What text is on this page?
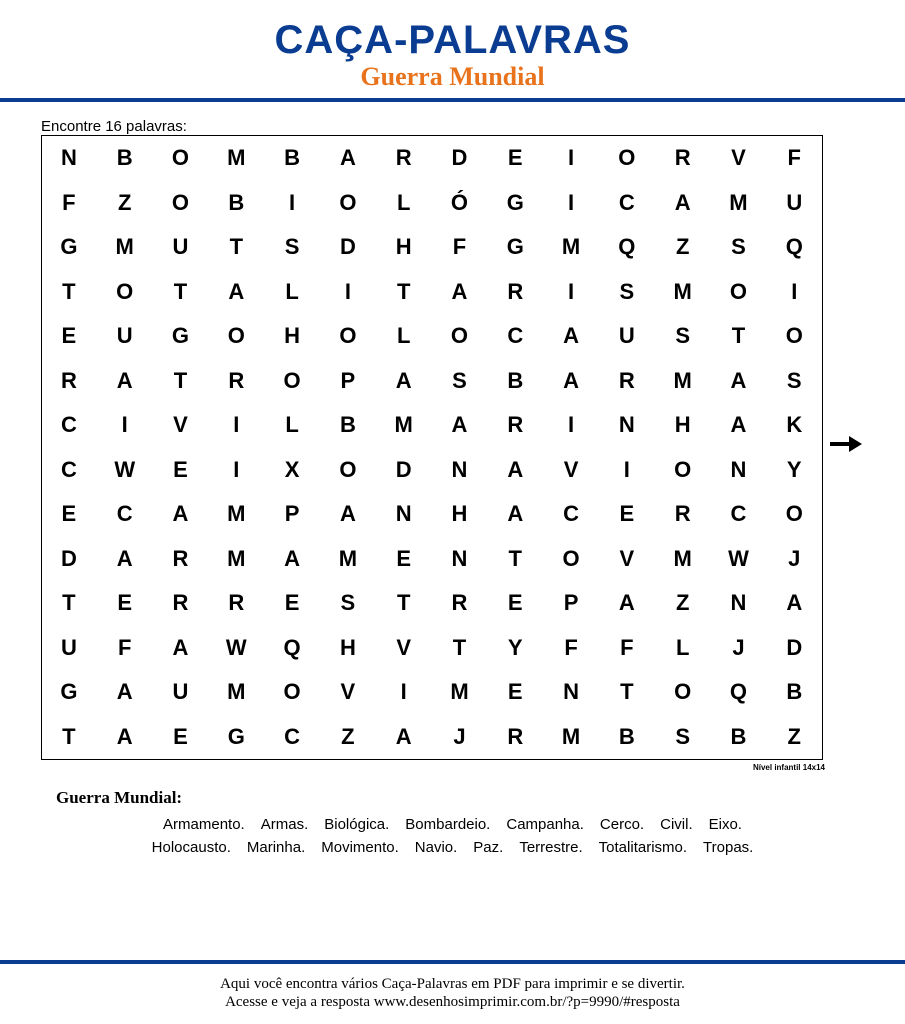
CAÇA-PALAVRAS
Guerra Mundial
Encontre 16 palavras:
N	B	O	M	B	A	R	D	E	I	O	R	V	F
F	Z	O	B	I	O	L	Ó	G	I	C	A	M	U
G	M	U	T	S	D	H	F	G	M	Q	Z	S	Q
T	O	T	A	L	I	T	A	R	I	S	M	O	I
E	U	G	O	H	O	L	O	C	A	U	S	T	O
R	A	T	R	O	P	A	S	B	A	R	M	A	S
C	I	V	I	L	B	M	A	R	I	N	H	A	K
C	W	E	I	X	O	D	N	A	V	I	O	N	Y
E	C	A	M	P	A	N	H	A	C	E	R	C	O
D	A	R	M	A	M	E	N	T	O	V	M	W	J
T	E	R	R	E	S	T	R	E	P	A	Z	N	A
U	F	A	W	Q	H	V	T	Y	F	F	L	J	D
G	A	U	M	O	V	I	M	E	N	T	O	Q	B
T	A	E	G	C	Z	A	J	R	M	B	S	B	Z
Nível infantil 14x14
Guerra Mundial:
Armamento. Armas. Biológica. Bombardeio. Campanha. Cerco. Civil. Eixo.
Holocausto. Marinha. Movimento. Navio. Paz. Terrestre. Totalitarismo. Tropas.
Aqui você encontra vários Caça-Palavras em PDF para imprimir e se divertir.
Acesse e veja a resposta www.desenhosimprimir.com.br/?p=9990/#resposta
